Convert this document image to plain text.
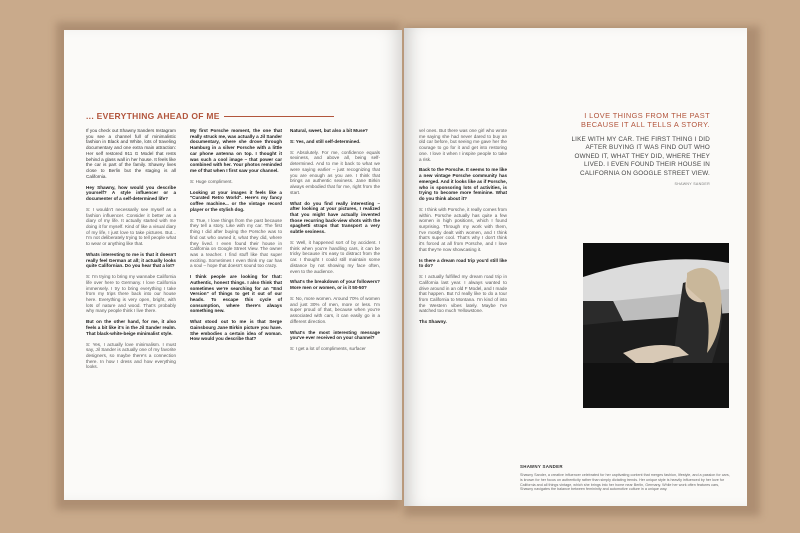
... EVERYTHING AHEAD OF ME

If you check out Shawny Sanders Instagram you see a channel full of minimalistic fashion in Black and White, lots of traveling documentary and one extra main attraction: Her self restored 911 G Model that rests behind a glass wall in her house. It feels like the car is part of the family. Shawny lives close to Berlin but the staging is all California.

Hey Shawny, how would you describe yourself? A style influencer or a documenter of a self-determined life?

S: I wouldn't necessarily see myself as a fashion influencer. Consider it better as a diary of my life. It actually started with me doing it for myself. Kind of like a visual diary of my life, I just love to take pictures. But... I'm not deliberately trying to tell people what to wear or anything like that.

Whats interesting to me is that it doesn't really feel German at all; it actually looks quite Californian. Do you hear that a lot?

S: I'm trying to bring my wannabe California life over here to Germany. I love California immensely. I try to bring everything I take from my trips there back into our house here. Everything is very open, bright, with lots of nature and wood. That's probably why many people think I live there.

But on the other hand, for me, it also feels a bit like it's in the Jil Sander realm. That black-white-beige minimalist style.

S: Yes, I actually love minimalism. I must say, Jil Sander is actually one of my favorite designers, so maybe there's a connection there. In how I dress and how everything looks.

My first Porsche moment, the one that really struck me, was actually a Jil Sander documentary, where she drove through Hamburg in a silver Porsche with a little car phone antenna on top. I thought it was such a cool image – that power car combined with her. Your photos reminded me of that when I first saw your channel.

S: Huge compliment.

Looking at your images it feels like a "Curated Retro World". Here's my fancy coffee machine... or the vintage record player or the stylish dog.

S: True, I love things from the past because they tell a story. Like with my car. The first thing I did after buying the Porsche was to find out who owned it, what they did, where they lived. I even found their house in California on Google Street View. The owner was a teacher. I find stuff like that super exciting. Sometimes I even think my car has a soul – hope that doesn't sound too crazy.

I think people are looking for that: Authentic, honest things. I also think that sometimes we're searching for an "End Version" of things to get it out of our heads. To escape this cycle of consumption, where there's always something new.

What stood out to me is that Serge Gainsbourg Jane Birkin picture you have. She embodies a certain idea of woman. How would you describe that?

Natural, sweet, but also a bit Muse?

S: Yes, and still self-determined.

S: Absolutely. For me, confidence equals sexiness, and above all, being self-determined. And to me it back to what we were saying earlier – just recognizing that you are enough as you are. I think that brings an authentic sexiness. Jane Birkin always embodied that for me, right from the start.

What do you find really interesting – after looking at your pictures, I realized that you might have actually invented those recurring back-view shots with the spaghetti straps that transport a very subtle sexiness.

S: Well, it happened sort of by accident. I think when you're handling cars, it can be tricky because it's easy to distract from the car. I thought I could still maintain some distance by not showing my face often, even to the audience.

What's the breakdown of your followers? More men or women, or is it 50-50?

S: No, more women. Around 70% of women and just 30% of men, more or less. I'm super proud of that, because when you're associated with cars, it can easily go in a different direction.

What's the most interesting message you've ever received on your channel?

S: I get a lot of compliments, surfacer

vel ones. But there was one girl who wrote me saying she had never dared to buy an old car before, but seeing me gave her the courage to go for it and get into restoring one. I love it when I inspire people to take a risk.

Back to the Porsche. It seems to me like a new vintage Porsche community has emerged. And it looks like as if Porsche, who is sponsoring lots of activities, is trying to become more feminine. What do you think about it?

S: I think with Porsche, it really comes from within. Porsche actually has quite a few women in high positions, which I found surprising. Through my work with them, I've mostly dealt with women, and I think that's super cool. That's why I don't think it's forced at all from Porsche, and I love that they're now showcasing it.

Is there a dream road trip you'd still like to do?

S: I actually fulfilled my dream road trip in California last year. I always wanted to drive around in an old F Model, and I made that happen. But I'd really like to do a tour from California to Montana. I'm kind of into the Western vibes lately. Maybe I've watched too much Yellowstone.

Thx Shawny.

I LOVE THINGS FROM THE PAST
BECAUSE IT ALL TELLS A STORY.
LIKE WITH MY CAR. THE FIRST THING I DID AFTER BUYING IT WAS FIND OUT WHO OWNED IT, WHAT THEY DID, WHERE THEY LIVED. I EVEN FOUND THEIR HOUSE IN CALIFORNIA ON GOOGLE STREET VIEW.
SHAWNY SANDER
SHAWNY SANDER
Shawny Sander, a creative influencer celebrated for her captivating content that merges fashion, lifestyle, and a passion for cars, is known for her focus on authenticity rather than simply dictating trends. Her unique style is heavily influenced by her love for California and all things vintage, which she brings into her home near Berlin, Germany. While her work often features cars, Shawny navigates the balance between femininity and automotive culture in a unique way.
